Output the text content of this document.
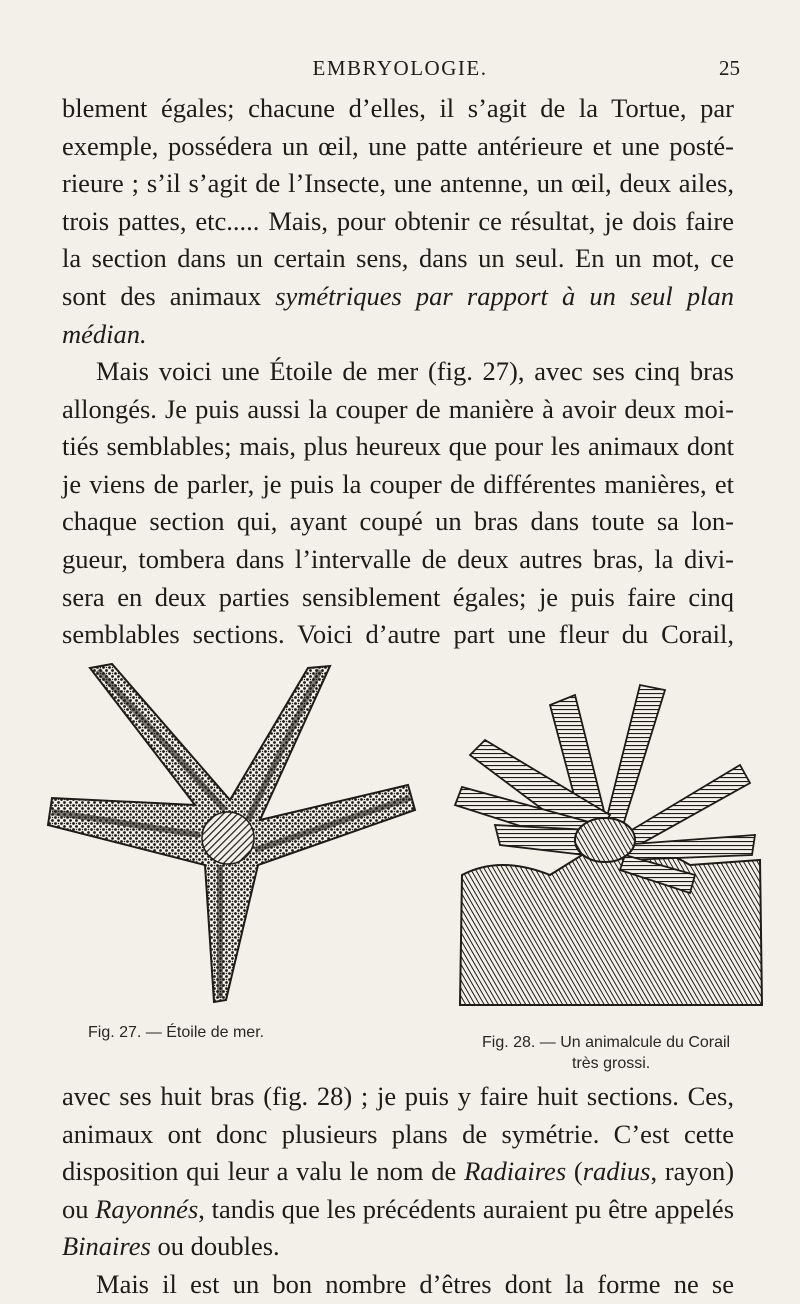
EMBRYOLOGIE.	25
blement égales; chacune d’elles, il s’agit de la Tortue, par
exemple, possédera un œil, une patte antérieure et une posté-
rieure ; s’il s’agit de l’Insecte, une antenne, un œil, deux ailes,
trois pattes, etc..... Mais, pour obtenir ce résultat, je dois faire
la section dans un certain sens, dans un seul. En un mot, ce
sont des animaux symétriques par rapport à un seul plan
médian.
Mais voici une Étoile de mer (fig. 27), avec ses cinq bras
allongés. Je puis aussi la couper de manière à avoir deux moi-
tiés semblables; mais, plus heureux que pour les animaux dont
je viens de parler, je puis la couper de différentes manières, et
chaque section qui, ayant coupé un bras dans toute sa lon-
gueur, tombera dans l’intervalle de deux autres bras, la divi-
sera en deux parties sensiblement égales; je puis faire cinq
semblables sections. Voici d’autre part une fleur du Corail,
Fig. 27. — Étoile de mer.
Fig. 28. — Un animalcule du Corail
très grossi.
avec ses huit bras (fig. 28) ; je puis y faire huit sections. Ces,
animaux ont donc plusieurs plans de symétrie. C’est cette
disposition qui leur a valu le nom de Radiaires (radius, rayon)
ou Rayonnés, tandis que les précédents auraient pu être appelés
Binaires ou doubles.
Mais il est un bon nombre d’êtres dont la forme ne se
